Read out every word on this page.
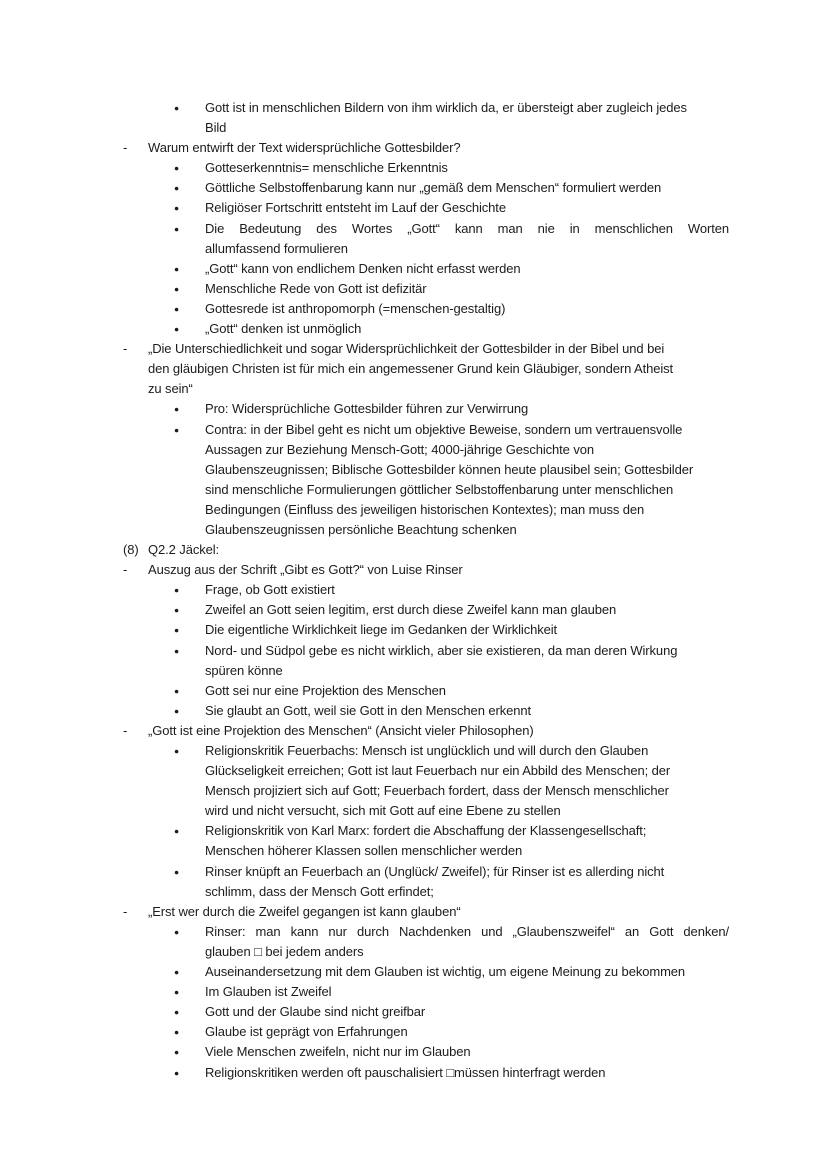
●	Gott ist in menschlichen Bildern von ihm wirklich da, er übersteigt aber zugleich jedes
Bild
-	Warum entwirft der Text widersprüchliche Gottesbilder?
●	Gotteserkenntnis= menschliche Erkenntnis
●	Göttliche Selbstoffenbarung kann nur „gemäß dem Menschen“ formuliert werden
●	Religiöser Fortschritt entsteht im Lauf der Geschichte
●	Die Bedeutung des Wortes „Gott“ kann man nie in menschlichen Worten
allumfassend formulieren
●	„Gott“ kann von endlichem Denken nicht erfasst werden
●	Menschliche Rede von Gott ist defizitär
●	Gottesrede ist anthropomorph (=menschen-gestaltig)
●	„Gott“ denken ist unmöglich
-	„Die Unterschiedlichkeit und sogar Widersprüchlichkeit der Gottesbilder in der Bibel und bei
den gläubigen Christen ist für mich ein angemessener Grund kein Gläubiger, sondern Atheist
zu sein“
●	Pro: Widersprüchliche Gottesbilder führen zur Verwirrung
●	Contra: in der Bibel geht es nicht um objektive Beweise, sondern um vertrauensvolle
Aussagen zur Beziehung Mensch-Gott; 4000-jährige Geschichte von
Glaubenszeugnissen; Biblische Gottesbilder können heute plausibel sein; Gottesbilder
sind menschliche Formulierungen göttlicher Selbstoffenbarung unter menschlichen
Bedingungen (Einfluss des jeweiligen historischen Kontextes); man muss den
Glaubenszeugnissen persönliche Beachtung schenken
(8) Q2.2 Jäckel:
-	Auszug aus der Schrift „Gibt es Gott?“ von Luise Rinser
●	Frage, ob Gott existiert
●	Zweifel an Gott seien legitim, erst durch diese Zweifel kann man glauben
●	Die eigentliche Wirklichkeit liege im Gedanken der Wirklichkeit
●	Nord- und Südpol gebe es nicht wirklich, aber sie existieren, da man deren Wirkung
spüren könne
●	Gott sei nur eine Projektion des Menschen
●	Sie glaubt an Gott, weil sie Gott in den Menschen erkennt
-	„Gott ist eine Projektion des Menschen“ (Ansicht vieler Philosophen)
●	Religionskritik Feuerbachs: Mensch ist unglücklich und will durch den Glauben
Glückseligkeit erreichen; Gott ist laut Feuerbach nur ein Abbild des Menschen; der
Mensch projiziert sich auf Gott; Feuerbach fordert, dass der Mensch menschlicher
wird und nicht versucht, sich mit Gott auf eine Ebene zu stellen
●	Religionskritik von Karl Marx: fordert die Abschaffung der Klassengesellschaft;
Menschen höherer Klassen sollen menschlicher werden
●	Rinser knüpft an Feuerbach an (Unglück/ Zweifel); für Rinser ist es allerding nicht
schlimm, dass der Mensch Gott erfindet;
-	„Erst wer durch die Zweifel gegangen ist kann glauben“
●	Rinser: man kann nur durch Nachdenken und „Glaubenszweifel“ an Gott denken/
glauben □ bei jedem anders
●	Auseinandersetzung mit dem Glauben ist wichtig, um eigene Meinung zu bekommen
●	Im Glauben ist Zweifel
●	Gott und der Glaube sind nicht greifbar
●	Glaube ist geprägt von Erfahrungen
●	Viele Menschen zweifeln, nicht nur im Glauben
●	Religionskritiken werden oft pauschalisiert □müssen hinterfragt werden
